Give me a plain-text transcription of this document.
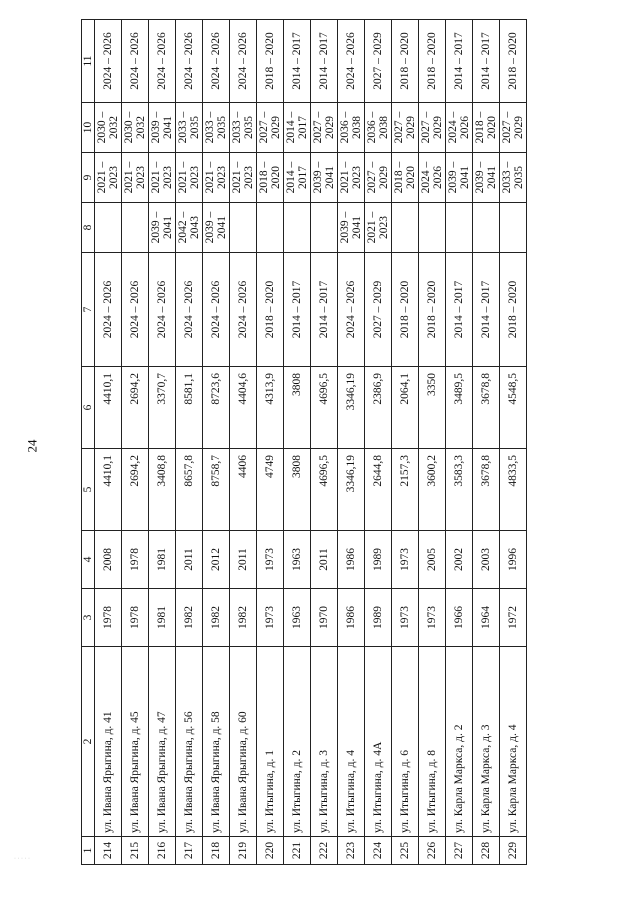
24
1	2	3	4	5	6	7	8	9	10	11
214	ул. Ивана Ярыгина, д. 41	1978	2008	4410,1	4410,1	2024 – 2026		2021 – 2023	2030 – 2032	2024 – 2026
215	ул. Ивана Ярыгина, д. 45	1978	1978	2694,2	2694,2	2024 – 2026		2021 – 2023	2030 – 2032	2024 – 2026
216	ул. Ивана Ярыгина, д. 47	1981	1981	3408,8	3370,7	2024 – 2026	2039 – 2041	2021 – 2023	2039 – 2041	2024 – 2026
217	ул. Ивана Ярыгина, д. 56	1982	2011	8657,8	8581,1	2024 – 2026	2042 – 2043	2021 – 2023	2033 – 2035	2024 – 2026
218	ул. Ивана Ярыгина, д. 58	1982	2012	8758,7	8723,6	2024 – 2026	2039 – 2041	2021 – 2023	2033 – 2035	2024 – 2026
219	ул. Ивана Ярыгина, д. 60	1982	2011	4406	4404,6	2024 – 2026		2021 – 2023	2033 – 2035	2024 – 2026
220	ул. Итыгина, д. 1	1973	1973	4749	4313,9	2018 – 2020		2018 – 2020	2027 – 2029	2018 – 2020
221	ул. Итыгина, д. 2	1963	1963	3808	3808	2014 – 2017		2014 – 2017	2014 – 2017	2014 – 2017
222	ул. Итыгина, д. 3	1970	2011	4696,5	4696,5	2014 – 2017		2039 – 2041	2027 – 2029	2014 – 2017
223	ул. Итыгина, д. 4	1986	1986	3346,19	3346,19	2024 – 2026	2039 – 2041	2021 – 2023	2036 – 2038	2024 – 2026
224	ул. Итыгина, д. 4А	1989	1989	2644,8	2386,9	2027 – 2029	2021 – 2023	2027 – 2029	2036 – 2038	2027 – 2029
225	ул. Итыгина, д. 6	1973	1973	2157,3	2064,1	2018 – 2020		2018 – 2020	2027 – 2029	2018 – 2020
226	ул. Итыгина, д. 8	1973	2005	3600,2	3350	2018 – 2020		2024 – 2026	2027 – 2029	2018 – 2020
227	ул. Карла Маркса, д. 2	1966	2002	3583,3	3489,5	2014 – 2017		2039 – 2041	2024 – 2026	2014 – 2017
228	ул. Карла Маркса, д. 3	1964	2003	3678,8	3678,8	2014 – 2017		2039 – 2041	2018 – 2020	2014 – 2017
229	ул. Карла Маркса, д. 4	1972	1996	4833,5	4548,5	2018 – 2020		2033 – 2035	2027 – 2029	2018 – 2020
· · · · ·
